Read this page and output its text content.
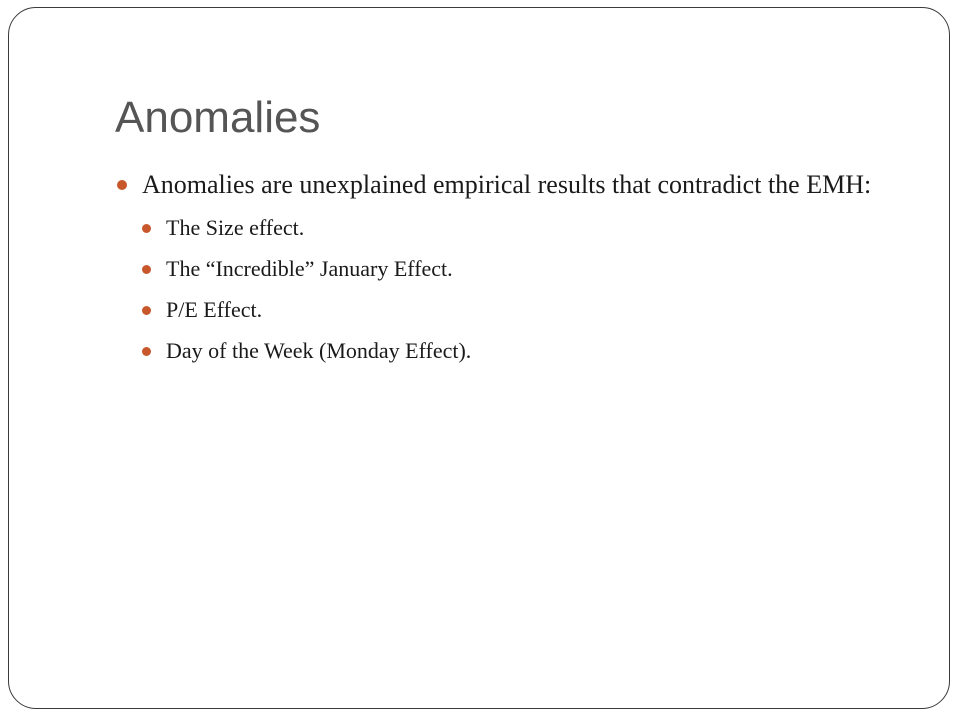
Anomalies
Anomalies are unexplained empirical results that contradict the EMH:
The Size effect.
The “Incredible” January Effect.
P/E Effect.
Day of the Week (Monday Effect).
